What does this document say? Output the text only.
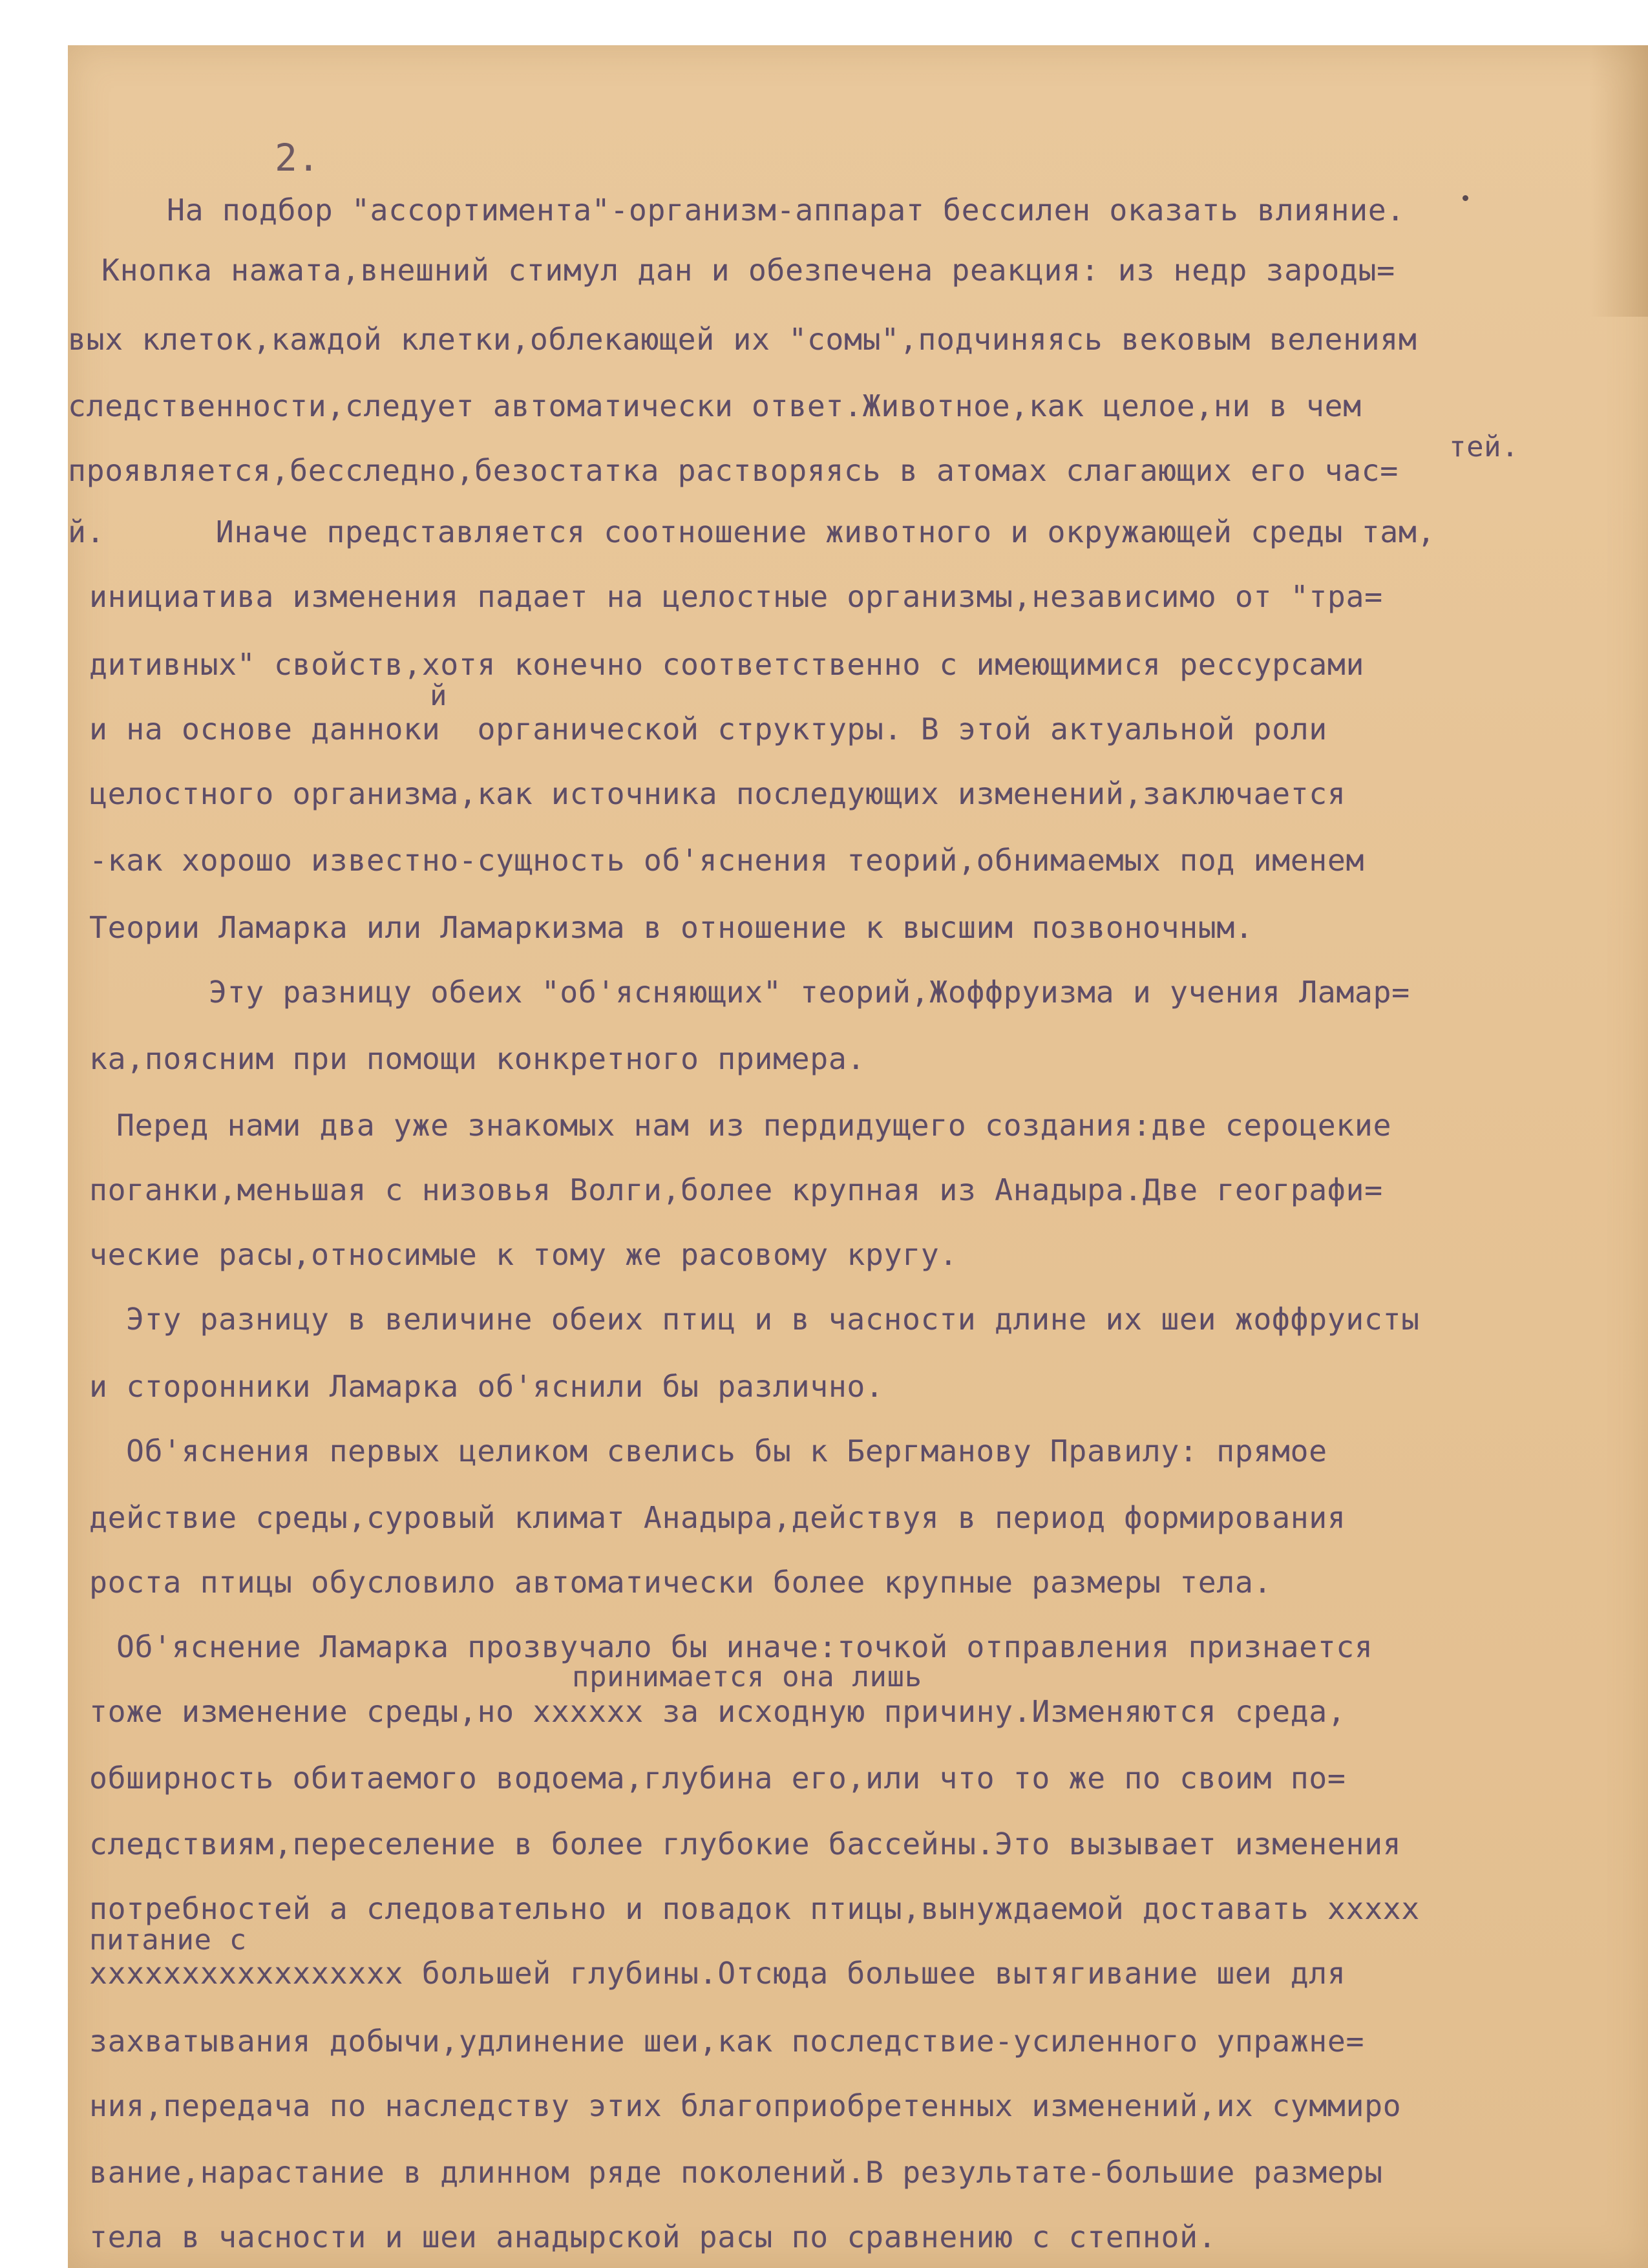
2.
На подбор "ассортимента"-организм-аппарат бессилен оказать влияние.
Кнопка нажата,внешний стимул дан и обезпечена реакция: из недр зароды=
вых клеток,каждой клетки,облекающей их "сомы",подчиняясь вековым велениям
следственности,следует автоматически ответ.Животное,как целое,ни в чем
тей.
проявляется,бесследно,безостатка растворяясь в атомах слагающих его час=
й.      Иначе представляется соотношение животного и окружающей среды там,
инициатива изменения падает на целостные организмы,независимо от "тра=
дитивных" свойств,хотя конечно соответственно с имеющимися рессурсами
й
и на основе данноки  органической структуры. В этой актуальной роли
целостного организма,как источника последующих изменений,заключается
-как хорошо известно-сущность об'яснения теорий,обнимаемых под именем
Теории Ламарка или Ламаркизма в отношение к высшим позвоночным.
Эту разницу обеих "об'ясняющих" теорий,Жоффруизма и учения Ламар=
ка,поясним при помощи конкретного примера.
Перед нами два уже знакомых нам из пердидущего создания:две сероцекие
поганки,меньшая с низовья Волги,более крупная из Анадыра.Две географи=
ческие расы,относимые к тому же расовому кругу.
Эту разницу в величине обеих птиц и в часности длине их шеи жоффруисты
и сторонники Ламарка об'яснили бы различно.
Об'яснения первых целиком свелись бы к Бергманову Правилу: прямое
действие среды,суровый климат Анадыра,действуя в период формирования
роста птицы обусловило автоматически более крупные размеры тела.
Об'яснение Ламарка прозвучало бы иначе:точкой отправления признается
принимается она лишь
тоже изменение среды,но xxxxxx за исходную причину.Изменяются среда,
обширность обитаемого водоема,глубина его,или что то же по своим по=
следствиям,переселение в более глубокие бассейны.Это вызывает изменения
потребностей а следовательно и повадок птицы,вынуждаемой доставать xxxxx
питание с
xxxxxxxxxxxxxxxxx большей глубины.Отсюда большее вытягивание шеи для
захватывания добычи,удлинение шеи,как последствие-усиленного упражне=
ния,передача по наследству этих благоприобретенных изменений,их суммиро
вание,нарастание в длинном ряде поколений.В результате-большие размеры
тела в часности и шеи анадырской расы по сравнению с степной.
